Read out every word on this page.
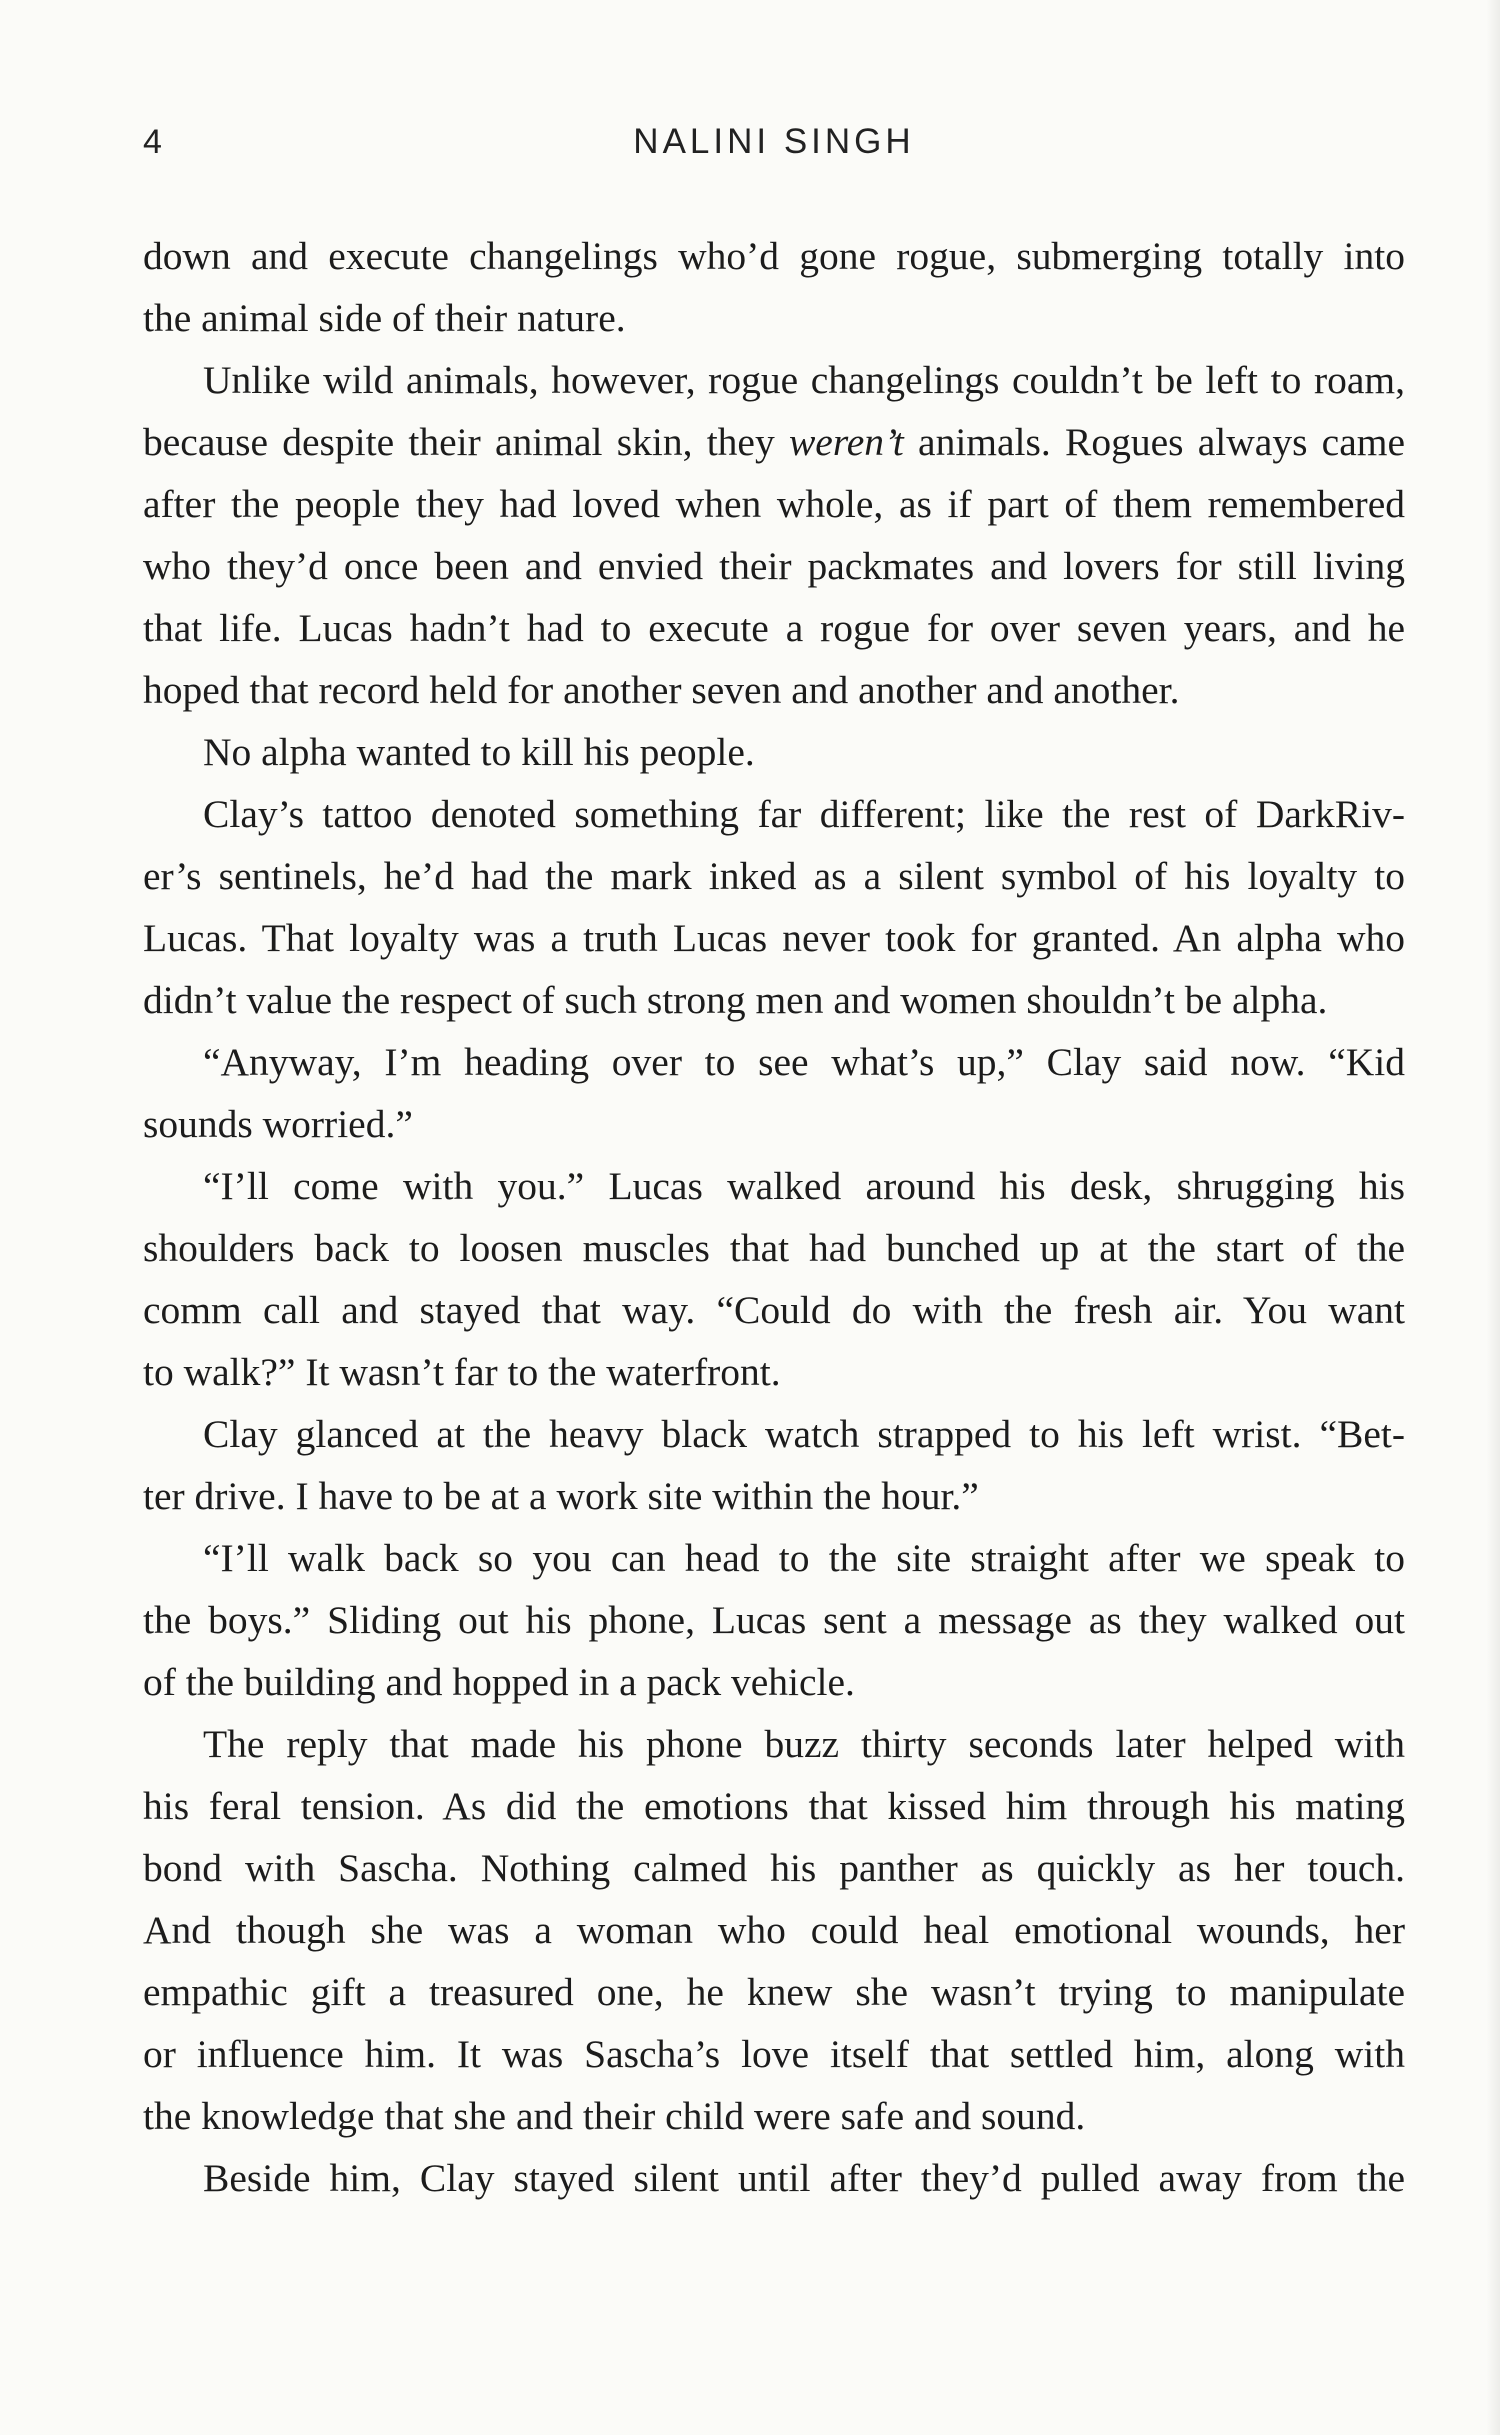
4	NALINI SINGH
down and execute changelings who’d gone rogue, submerging totally into
the animal side of their nature.
Unlike wild animals, however, rogue changelings couldn’t be left to roam,
because despite their animal skin, they weren’t animals. Rogues always came
after the people they had loved when whole, as if part of them remembered
who they’d once been and envied their packmates and lovers for still living
that life. Lucas hadn’t had to execute a rogue for over seven years, and he
hoped that record held for another seven and another and another.
No alpha wanted to kill his people.
Clay’s tattoo denoted something far different; like the rest of DarkRiv-
er’s sentinels, he’d had the mark inked as a silent symbol of his loyalty to
Lucas. That loyalty was a truth Lucas never took for granted. An alpha who
didn’t value the respect of such strong men and women shouldn’t be alpha.
“Anyway, I’m heading over to see what’s up,” Clay said now. “Kid
sounds worried.”
“I’ll come with you.” Lucas walked around his desk, shrugging his
shoulders back to loosen muscles that had bunched up at the start of the
comm call and stayed that way. “Could do with the fresh air. You want
to walk?” It wasn’t far to the waterfront.
Clay glanced at the heavy black watch strapped to his left wrist. “Bet-
ter drive. I have to be at a work site within the hour.”
“I’ll walk back so you can head to the site straight after we speak to
the boys.” Sliding out his phone, Lucas sent a message as they walked out
of the building and hopped in a pack vehicle.
The reply that made his phone buzz thirty seconds later helped with
his feral tension. As did the emotions that kissed him through his mating
bond with Sascha. Nothing calmed his panther as quickly as her touch.
And though she was a woman who could heal emotional wounds, her
empathic gift a treasured one, he knew she wasn’t trying to manipulate
or influence him. It was Sascha’s love itself that settled him, along with
the knowledge that she and their child were safe and sound.
Beside him, Clay stayed silent until after they’d pulled away from the
